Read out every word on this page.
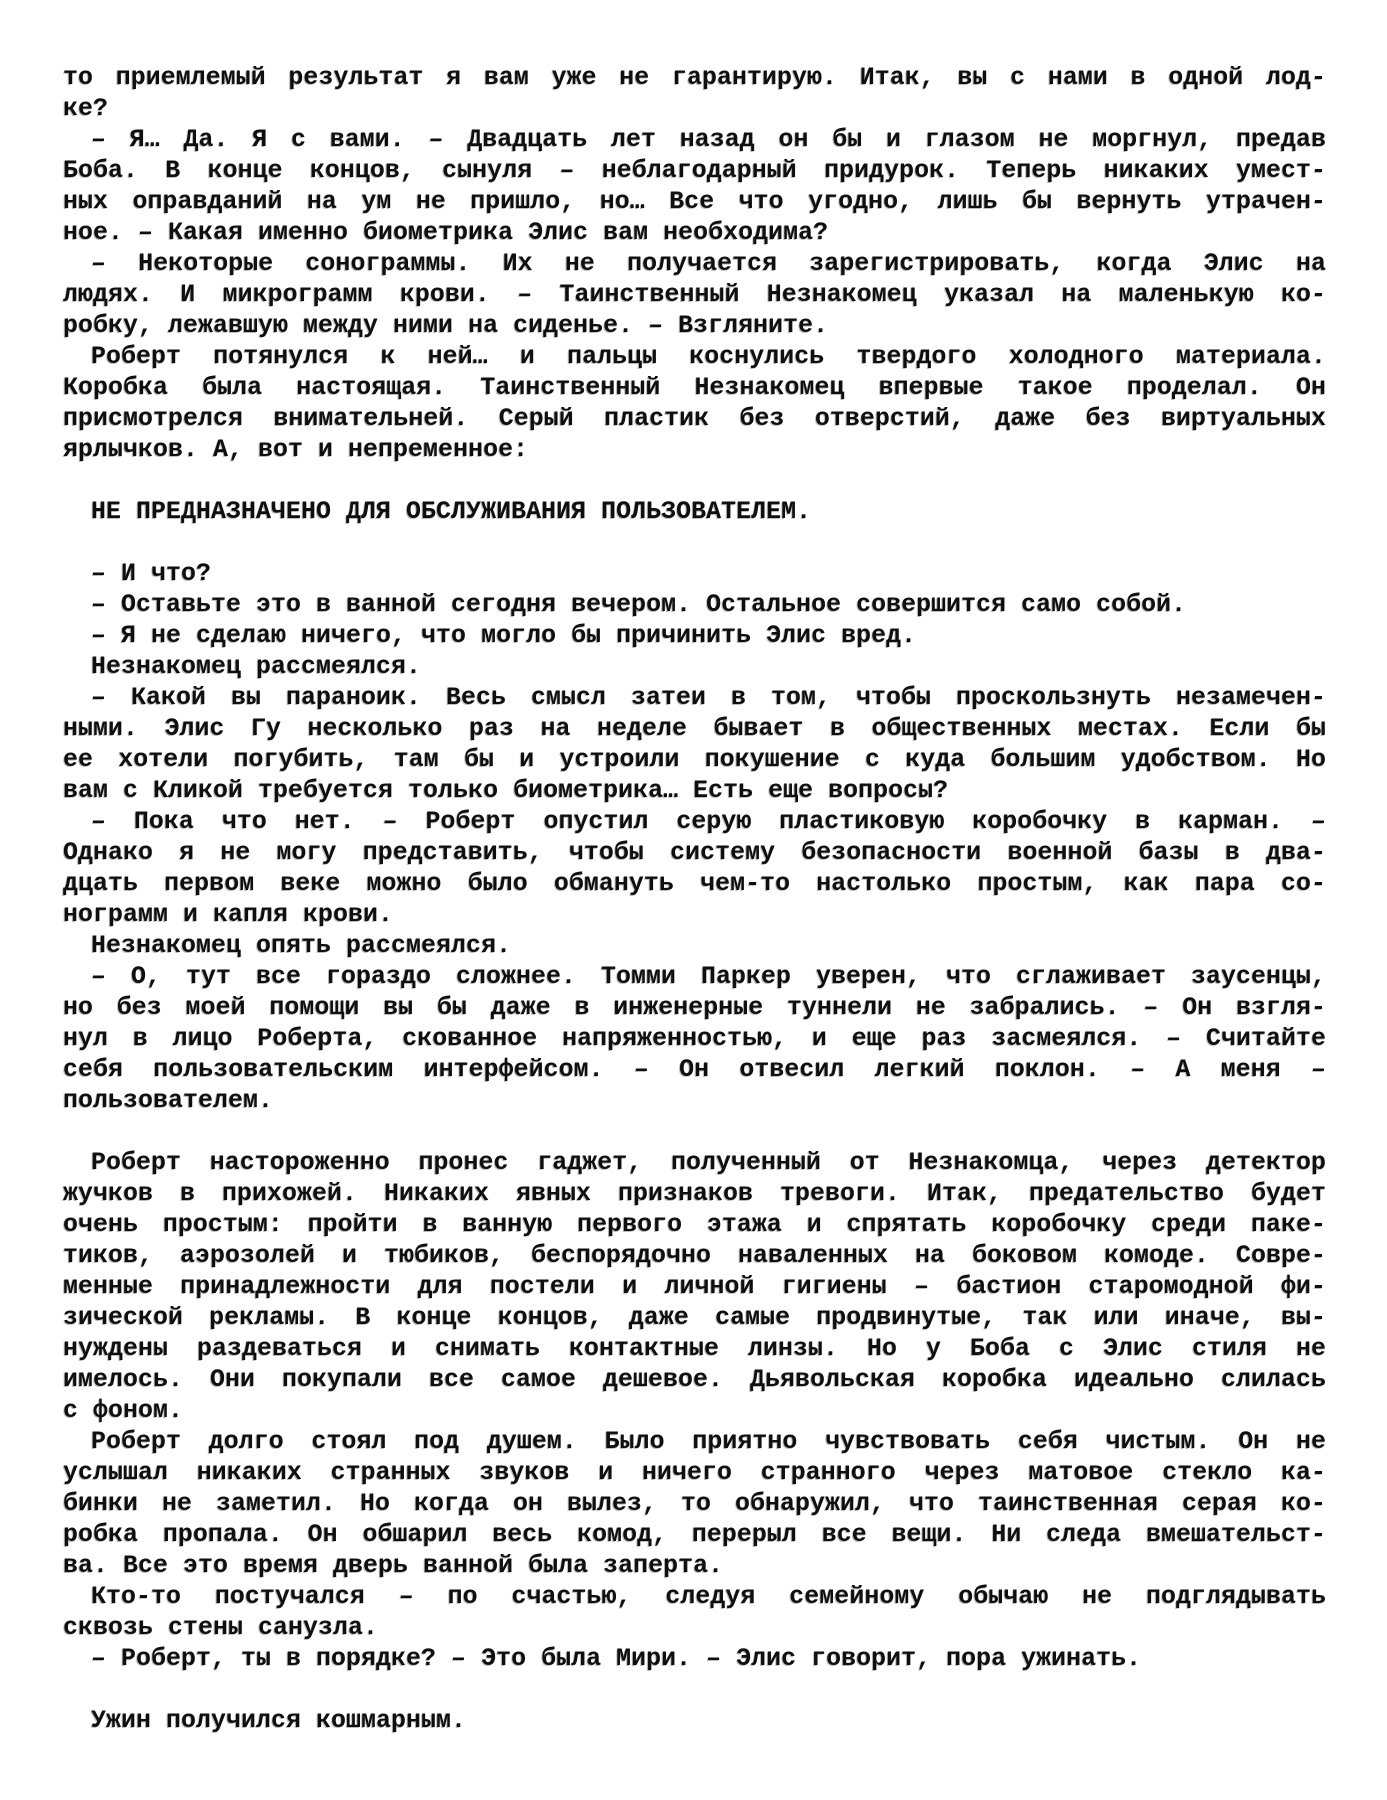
то приемлемый результат я вам уже не гарантирую. Итак, вы с нами в одной лод-
ке?
– Я… Да. Я с вами. – Двадцать лет назад он бы и глазом не моргнул, предав
Боба. В конце концов, сынуля – неблагодарный придурок. Теперь никаких умест-
ных оправданий на ум не пришло, но… Все что угодно, лишь бы вернуть утрачен-
ное. – Какая именно биометрика Элис вам необходима?
– Некоторые сонограммы. Их не получается зарегистрировать, когда Элис на
людях. И микрограмм крови. – Таинственный Незнакомец указал на маленькую ко-
робку, лежавшую между ними на сиденье. – Взгляните.
Роберт потянулся к ней… и пальцы коснулись твердого холодного материала.
Коробка была настоящая. Таинственный Незнакомец впервые такое проделал. Он
присмотрелся внимательней. Серый пластик без отверстий, даже без виртуальных
ярлычков. А, вот и непременное:
НЕ ПРЕДНАЗНАЧЕНО ДЛЯ ОБСЛУЖИВАНИЯ ПОЛЬЗОВАТЕЛЕМ.
– И что?
– Оставьте это в ванной сегодня вечером. Остальное совершится само собой.
– Я не сделаю ничего, что могло бы причинить Элис вред.
Незнакомец рассмеялся.
– Какой вы параноик. Весь смысл затеи в том, чтобы проскользнуть незамечен-
ными. Элис Гу несколько раз на неделе бывает в общественных местах. Если бы
ее хотели погубить, там бы и устроили покушение с куда большим удобством. Но
вам с Кликой требуется только биометрика… Есть еще вопросы?
– Пока что нет. – Роберт опустил серую пластиковую коробочку в карман. –
Однако я не могу представить, чтобы систему безопасности военной базы в два-
дцать первом веке можно было обмануть чем-то настолько простым, как пара со-
нограмм и капля крови.
Незнакомец опять рассмеялся.
– О, тут все гораздо сложнее. Томми Паркер уверен, что сглаживает заусенцы,
но без моей помощи вы бы даже в инженерные туннели не забрались. – Он взгля-
нул в лицо Роберта, скованное напряженностью, и еще раз засмеялся. – Считайте
себя пользовательским интерфейсом. – Он отвесил легкий поклон. – А меня –
пользователем.
Роберт настороженно пронес гаджет, полученный от Незнакомца, через детектор
жучков в прихожей. Никаких явных признаков тревоги. Итак, предательство будет
очень простым: пройти в ванную первого этажа и спрятать коробочку среди паке-
тиков, аэрозолей и тюбиков, беспорядочно наваленных на боковом комоде. Совре-
менные принадлежности для постели и личной гигиены – бастион старомодной фи-
зической рекламы. В конце концов, даже самые продвинутые, так или иначе, вы-
нуждены раздеваться и снимать контактные линзы. Но у Боба с Элис стиля не
имелось. Они покупали все самое дешевое. Дьявольская коробка идеально слилась
с фоном.
Роберт долго стоял под душем. Было приятно чувствовать себя чистым. Он не
услышал никаких странных звуков и ничего странного через матовое стекло ка-
бинки не заметил. Но когда он вылез, то обнаружил, что таинственная серая ко-
робка пропала. Он обшарил весь комод, перерыл все вещи. Ни следа вмешательст-
ва. Все это время дверь ванной была заперта.
Кто-то постучался – по счастью, следуя семейному обычаю не подглядывать
сквозь стены санузла.
– Роберт, ты в порядке? – Это была Мири. – Элис говорит, пора ужинать.
Ужин получился кошмарным.
